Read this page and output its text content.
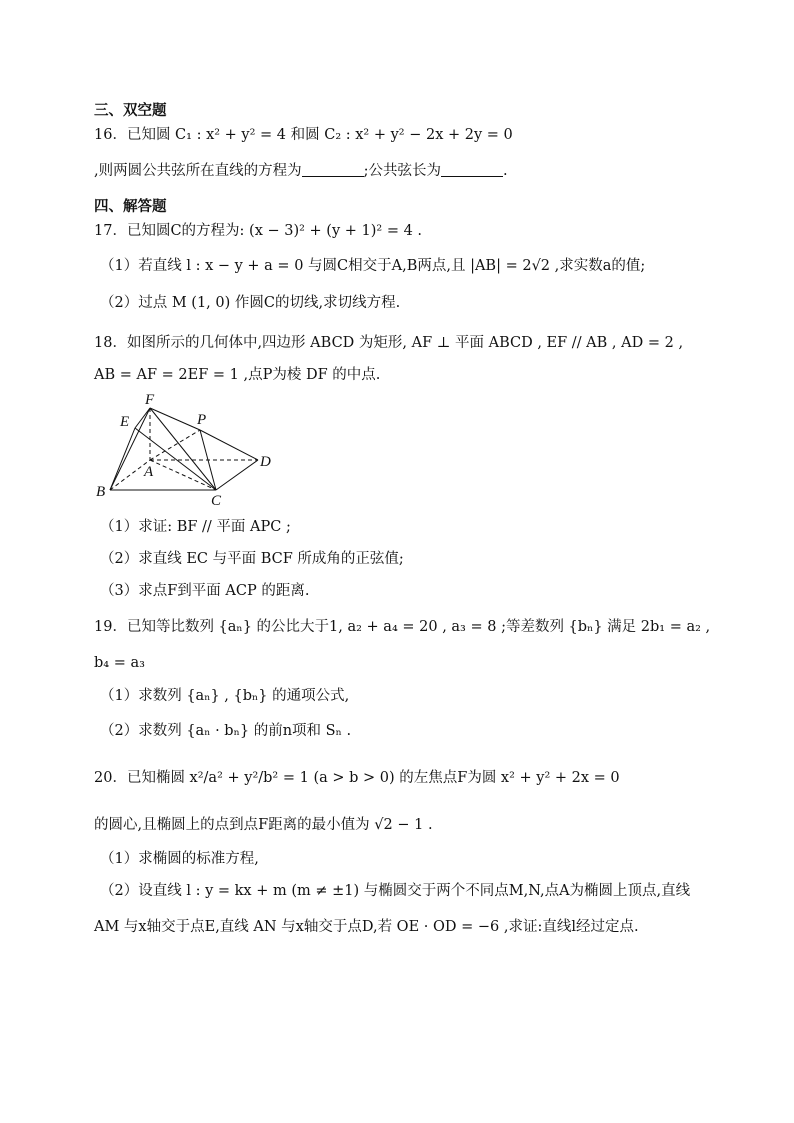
三、双空题
16．已知圆 C₁ : x² + y² = 4 和圆 C₂ : x² + y² − 2x + 2y = 0
,则两圆公共弦所在直线的方程为	;公共弦长为	.
四、解答题
17．已知圆C的方程为: (x − 3)² + (y + 1)² = 4 .
（1）若直线 l : x − y + a = 0 与圆C相交于A,B两点,且 |AB| = 2√2 ,求实数a的值;
（2）过点 M (1, 0) 作圆C的切线,求切线方程.
18．如图所示的几何体中,四边形 ABCD 为矩形, AF ⊥ 平面 ABCD , EF // AB , AD = 2 ,
AB = AF = 2EF = 1 ,点P为棱 DF 的中点.
E
F
P
A
B
C
D
（1）求证: BF // 平面 APC ;
（2）求直线 EC 与平面 BCF 所成角的正弦值;
（3）求点F到平面 ACP 的距离.
19．已知等比数列 {aₙ} 的公比大于1, a₂ + a₄ = 20 , a₃ = 8 ;等差数列 {bₙ} 满足 2b₁ = a₂ ,
b₄ = a₃
（1）求数列 {aₙ} , {bₙ} 的通项公式,
（2）求数列 {aₙ · bₙ} 的前n项和 Sₙ .
20．已知椭圆 x²/a² + y²/b² = 1 (a > b > 0) 的左焦点F为圆 x² + y² + 2x = 0
的圆心,且椭圆上的点到点F距离的最小值为 √2 − 1 .
（1）求椭圆的标准方程,
（2）设直线 l : y = kx + m (m ≠ ±1) 与椭圆交于两个不同点M,N,点A为椭圆上顶点,直线
AM 与x轴交于点E,直线 AN 与x轴交于点D,若 OE · OD = −6 ,求证:直线l经过定点.
